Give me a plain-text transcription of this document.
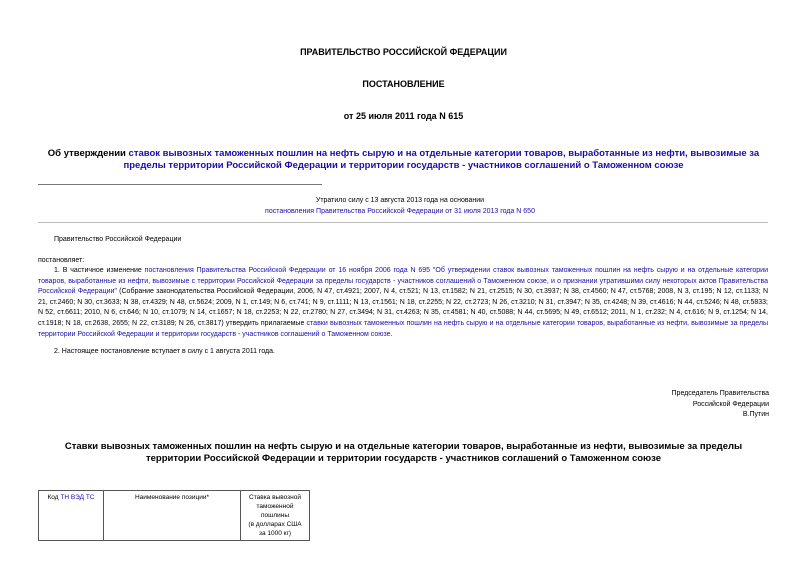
ПРАВИТЕЛЬСТВО РОССИЙСКОЙ ФЕДЕРАЦИИ
ПОСТАНОВЛЕНИЕ
от 25 июля 2011 года N 615
Об утверждении ставок вывозных таможенных пошлин на нефть сырую и на отдельные категории товаров, выработанные из нефти, вывозимые за пределы территории Российской Федерации и территории государств - участников соглашений о Таможенном союзе
Утратило силу с 13 августа 2013 года на основании
постановления Правительства Российской Федерации от 31 июля 2013 года N 650
Правительство Российской Федерации
постановляет:
1. В частичное изменение постановления Правительства Российской Федерации от 16 ноября 2006 года N 695 "Об утверждении ставок вывозных таможенных пошлин на нефть сырую и на отдельные категории товаров, выработанные из нефти, вывозимые с территории Российской Федерации за пределы государств - участников соглашений о Таможенном союзе, и о признании утратившими силу некоторых актов Правительства Российской Федерации" (Собрание законодательства Российской Федерации, 2006, N 47, ст.4921; 2007, N 4, ст.521; N 13, ст.1582; N 21, ст.2515; N 30, ст.3937; N 38, ст.4560; N 47, ст.5768; 2008, N 3, ст.195; N 12, ст.1133; N 21, ст.2460; N 30, ст.3633; N 38, ст.4329; N 48, ст.5624; 2009, N 1, ст.149; N 6, ст.741; N 9, ст.1111; N 13, ст.1561; N 18, ст.2255; N 22, ст.2723; N 26, ст.3210; N 31, ст.3947; N 35, ст.4248; N 39, ст.4616; N 44, ст.5246; N 48, ст.5833; N 52, ст.6611; 2010, N 6, ст.646; N 10, ст.1079; N 14, ст.1657; N 18, ст.2253; N 22, ст.2780; N 27, ст.3494; N 31, ст.4263; N 35, ст.4581; N 40, ст.5088; N 44, ст.5695; N 49, ст.6512; 2011, N 1, ст.232; N 4, ст.616; N 9, ст.1254; N 14, ст.1918; N 18, ст.2638, 2655; N 22, ст.3189; N 26, ст.3817) утвердить прилагаемые ставки вывозных таможенных пошлин на нефть сырую и на отдельные категории товаров, выработанные из нефти, вывозимые за пределы территории Российской Федерации и территории государств - участников соглашений о Таможенном союзе.
2. Настоящее постановление вступает в силу с 1 августа 2011 года.
Председатель Правительства
Российской Федерации
В.Путин
Ставки вывозных таможенных пошлин на нефть сырую и на отдельные категории товаров, выработанные из нефти, вывозимые за пределы территории Российской Федерации и территории государств - участников соглашений о Таможенном союзе
Код ТН ВЭД ТС	Наименование позиции*	Ставка вывозной
таможенной пошлины
(в долларах США
за 1000 кг)
